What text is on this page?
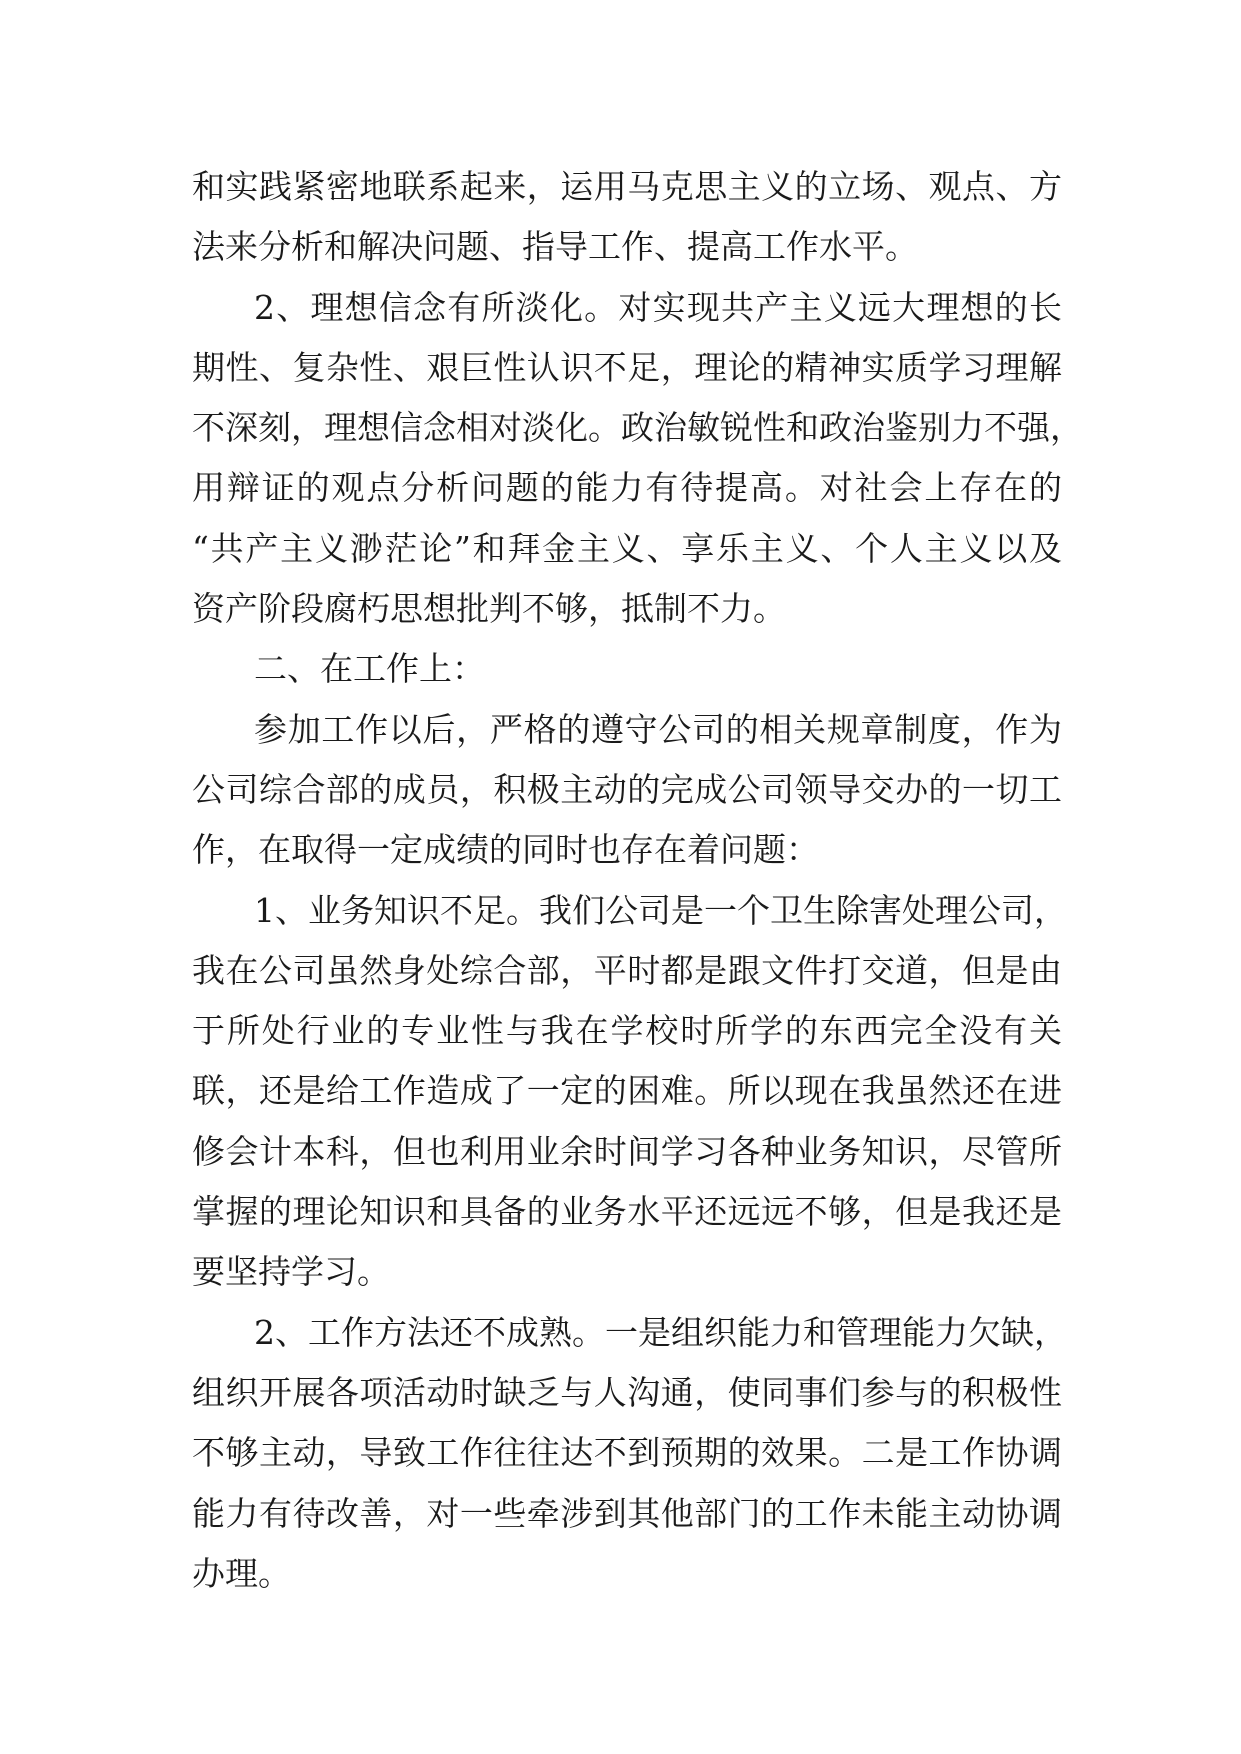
和实践紧密地联系起来，运用马克思主义的立场、观点、方
法来分析和解决问题、指导工作、提高工作水平。
2、理想信念有所淡化。对实现共产主义远大理想的长
期性、复杂性、艰巨性认识不足，理论的精神实质学习理解
不深刻，理想信念相对淡化。政治敏锐性和政治鉴别力不强，
用辩证的观点分析问题的能力有待提高。对社会上存在的
“共产主义渺茫论”和拜金主义、享乐主义、个人主义以及
资产阶段腐朽思想批判不够，抵制不力。
二、在工作上：
参加工作以后，严格的遵守公司的相关规章制度，作为
公司综合部的成员，积极主动的完成公司领导交办的一切工
作，在取得一定成绩的同时也存在着问题：
1、业务知识不足。我们公司是一个卫生除害处理公司，
我在公司虽然身处综合部，平时都是跟文件打交道，但是由
于所处行业的专业性与我在学校时所学的东西完全没有关
联，还是给工作造成了一定的困难。所以现在我虽然还在进
修会计本科，但也利用业余时间学习各种业务知识，尽管所
掌握的理论知识和具备的业务水平还远远不够，但是我还是
要坚持学习。
2、工作方法还不成熟。一是组织能力和管理能力欠缺，
组织开展各项活动时缺乏与人沟通，使同事们参与的积极性
不够主动，导致工作往往达不到预期的效果。二是工作协调
能力有待改善，对一些牵涉到其他部门的工作未能主动协调
办理。
